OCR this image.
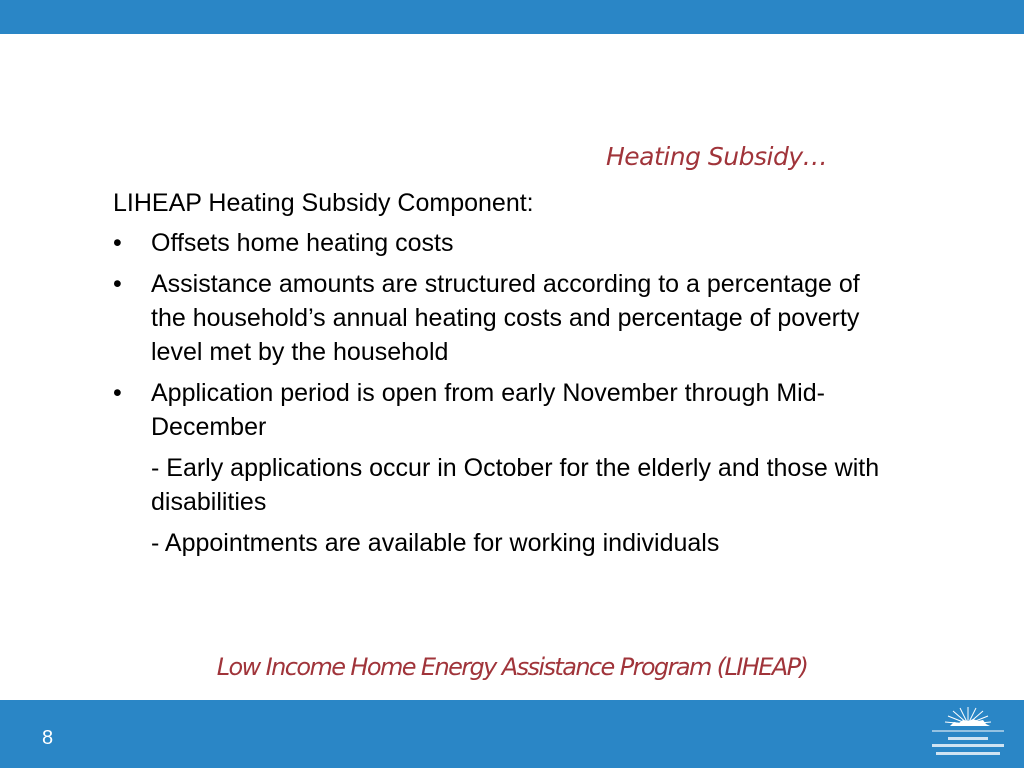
Heating Subsidy…
LIHEAP Heating Subsidy Component:
•	Offsets home heating costs
•	Assistance amounts are structured according to a percentage of the household’s annual heating costs and percentage of poverty level met by the household
•	Application period is open from early November through Mid-December
- Early applications occur in October for the elderly and those with disabilities
- Appointments are available for working individuals
Low Income Home Energy Assistance Program (LIHEAP)
8
